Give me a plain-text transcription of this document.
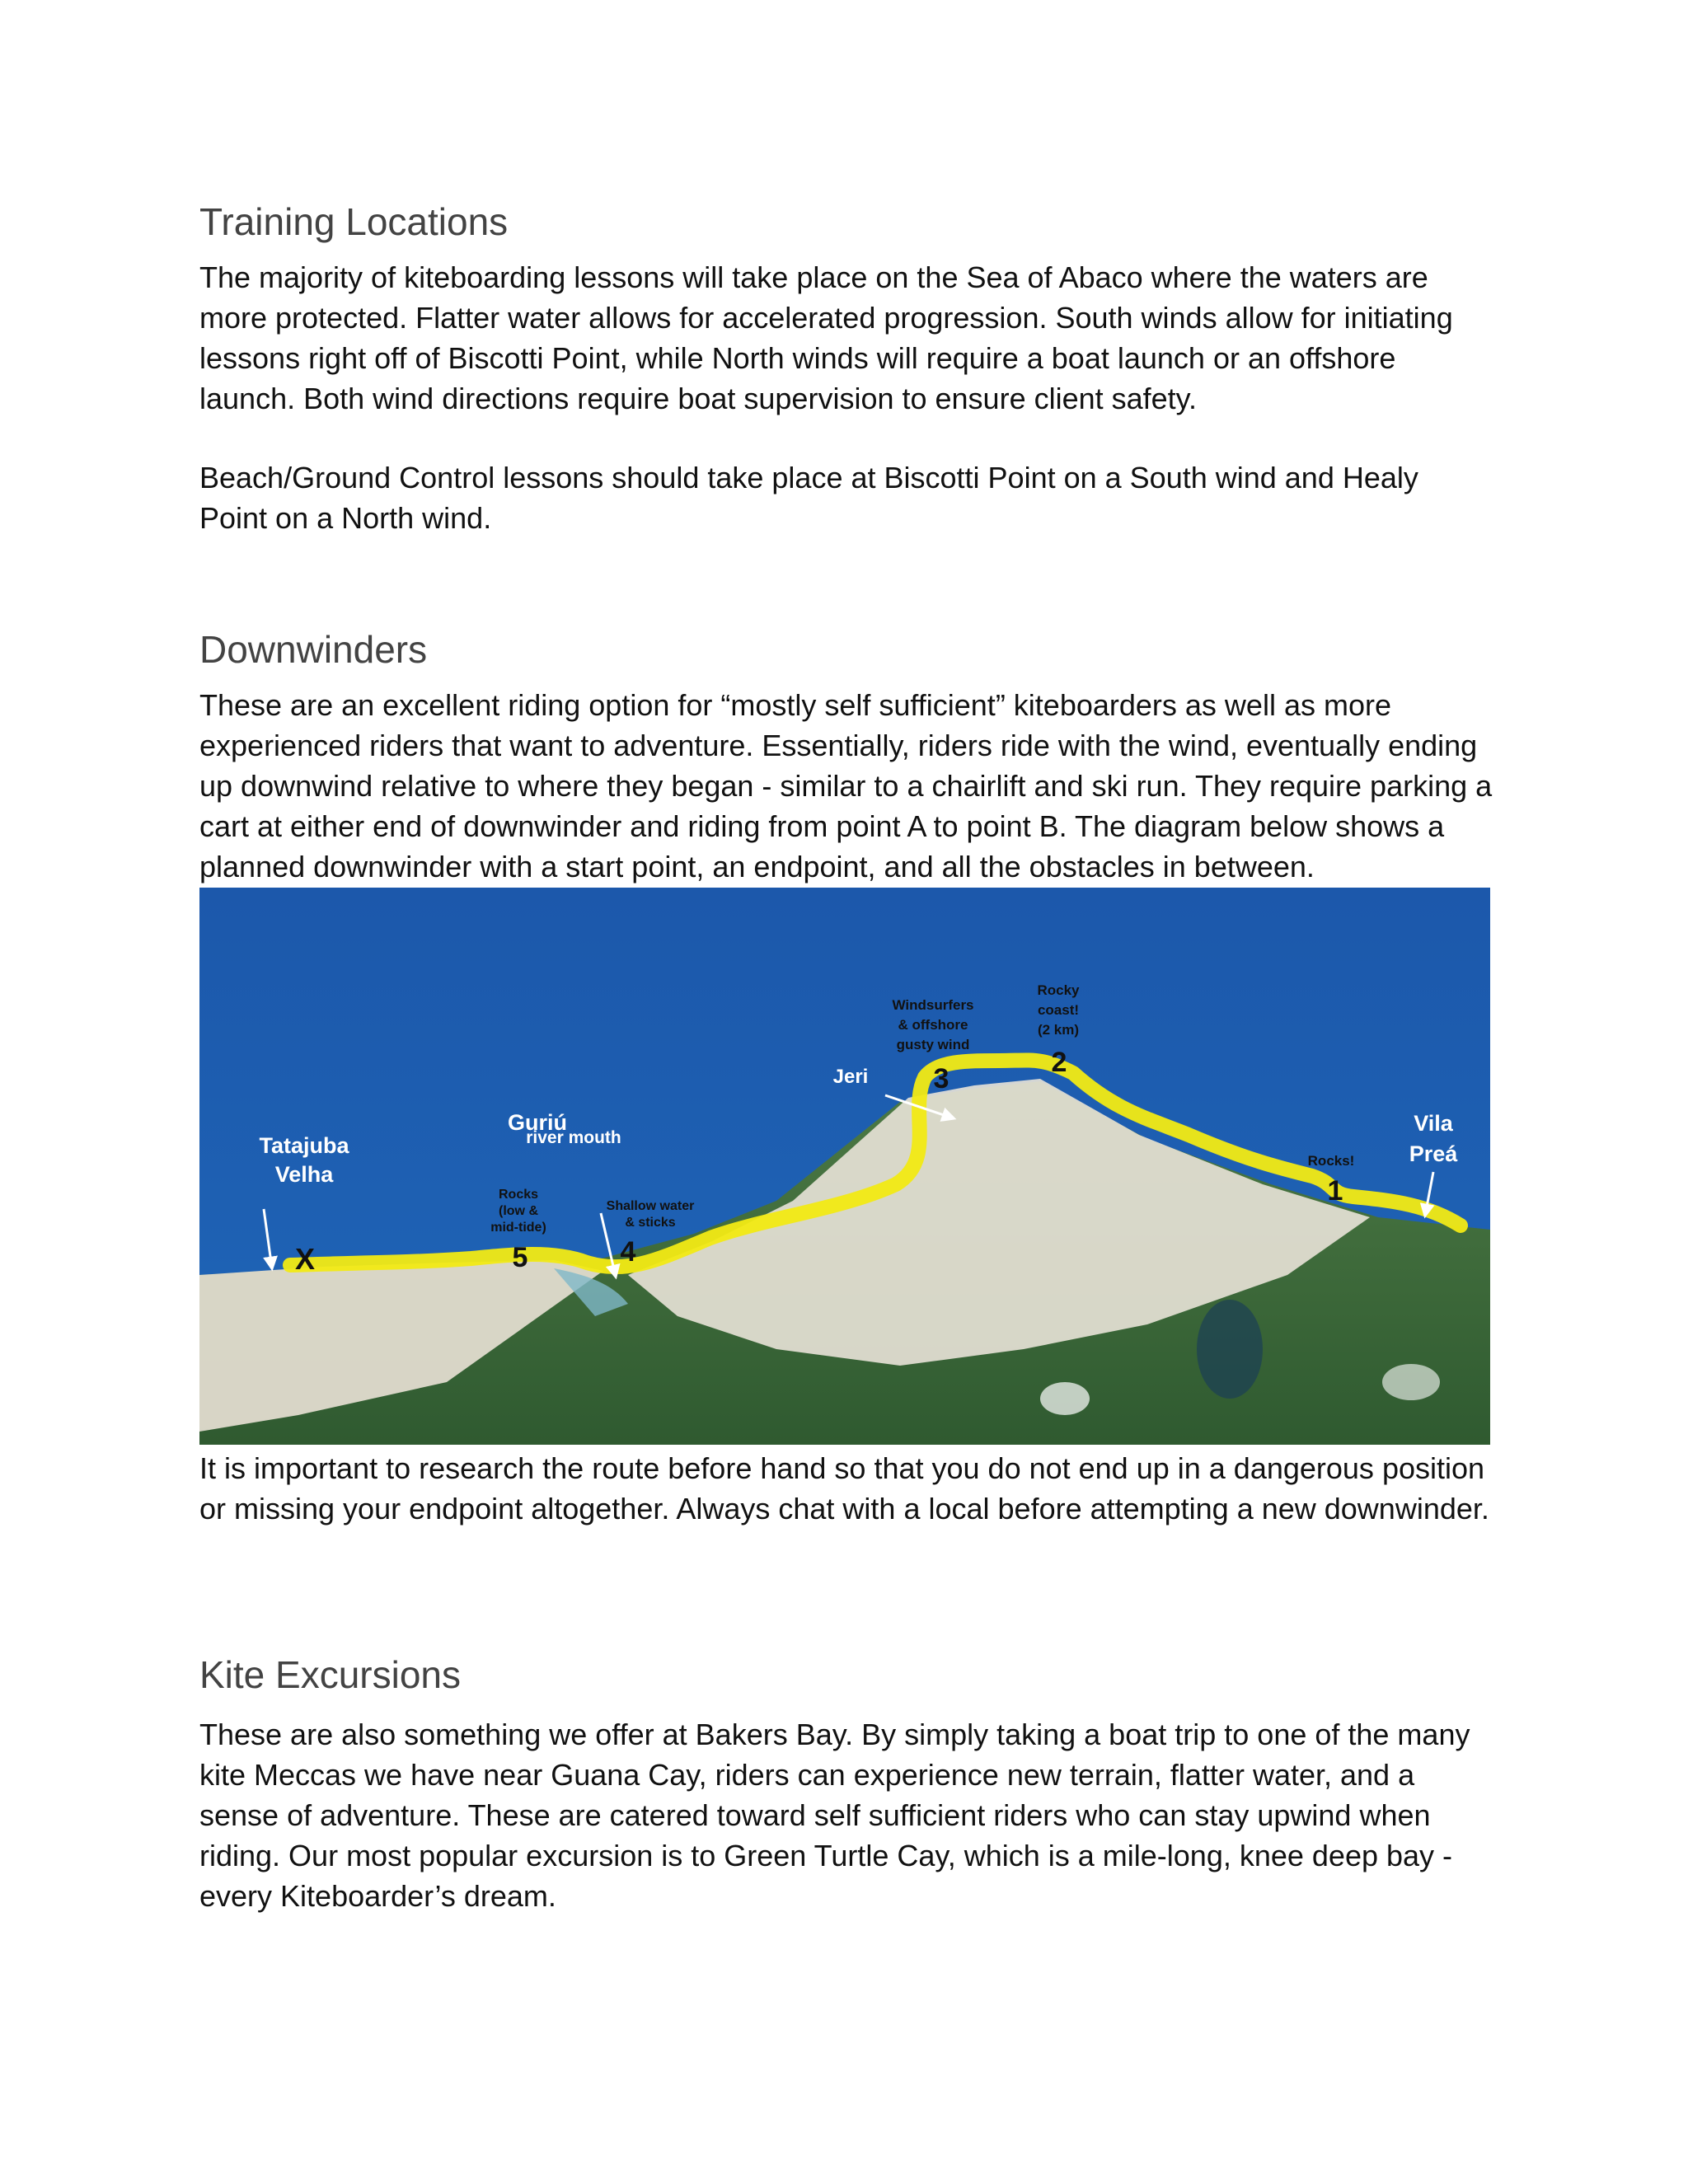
Training Locations

The majority of kiteboarding lessons will take place on the Sea of Abaco where the waters are more protected. Flatter water allows for accelerated progression. South winds allow for initiating lessons right off of Biscotti Point, while North winds will require a boat launch or an offshore launch. Both wind directions require boat supervision to ensure client safety.

Beach/Ground Control lessons should take place at Biscotti Point on a South wind and Healy Point on a North wind.

Downwinders

These are an excellent riding option for “mostly self sufficient” kiteboarders as well as more experienced riders that want to adventure. Essentially, riders ride with the wind, eventually ending up downwind relative to where they began - similar to a chairlift and ski run. They require parking a cart at either end of downwinder and riding from point A to point B. The diagram below shows a planned downwinder with a start point, an endpoint, and all the obstacles in between.

Tatajuba
Velha
X
Guriú
river mouth
Rocks
(low &
mid-tide)
5
Shallow water
& sticks
4
Jeri
Windsurfers
& offshore
gusty wind
3
Rocky
coast!
(2 km)
2
Rocks!
1
Vila
Preá

It is important to research the route before hand so that you do not end up in a dangerous position or missing your endpoint altogether. Always chat with a local before attempting a new downwinder.

Kite Excursions

These are also something we offer at Bakers Bay. By simply taking a boat trip to one of the many kite Meccas we have near Guana Cay, riders can experience new terrain, flatter water, and a sense of adventure. These are catered toward self sufficient riders who can stay upwind when riding. Our most popular excursion is to Green Turtle Cay, which is a mile-long, knee deep bay - every Kiteboarder’s dream.
